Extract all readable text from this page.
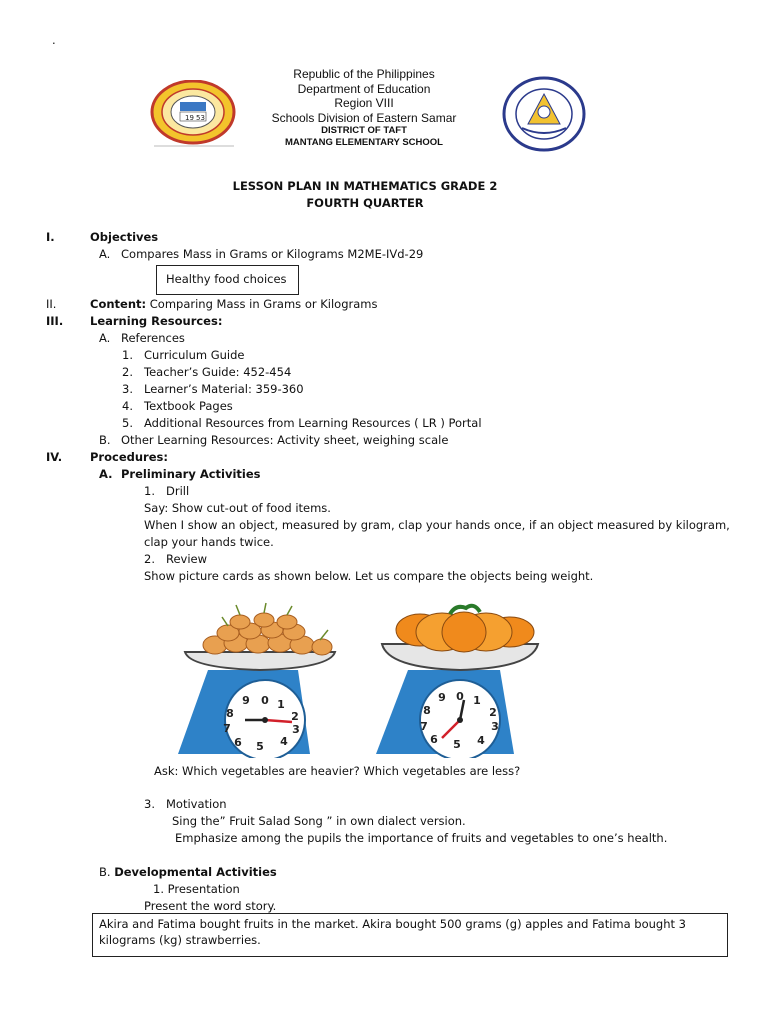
.
19 53
Republic of the Philippines
Department of Education
Region VIII
Schools Division of Eastern Samar
DISTRICT OF TAFT
MANTANG ELEMENTARY SCHOOL
LESSON PLAN IN MATHEMATICS GRADE 2
FOURTH QUARTER
I.	Objectives
A. Compares Mass in Grams or Kilograms M2ME-IVd-29
Healthy food choices
II.	Content: Comparing Mass in Grams or Kilograms
III. Learning Resources:
A. References
1. Curriculum Guide
2. Teacher’s Guide: 452-454
3. Learner’s Material: 359-360
4. Textbook Pages
5. Additional Resources from Learning Resources ( LR ) Portal
B. Other Learning Resources: Activity sheet, weighing scale
IV. Procedures:
A. Preliminary Activities
1. Drill
Say: Show cut-out of food items.
When I show an object, measured by gram, clap your hands once, if an object measured by kilogram,
clap your hands twice.
2. Review
Show picture cards as shown below. Let us compare the objects being weight.
0 1
2
3
4
5
6
7
8
9	0 1
2
3
4
5
6
7
8
9
Ask: Which vegetables are heavier? Which vegetables are less?
3. Motivation
Sing the” Fruit Salad Song ” in own dialect version.
Emphasize among the pupils the importance of fruits and vegetables to one’s health.
B. Developmental Activities
1. Presentation
Present the word story.
Akira and Fatima bought fruits in the market. Akira bought 500 grams (g) apples and Fatima bought 3
kilograms (kg) strawberries.
